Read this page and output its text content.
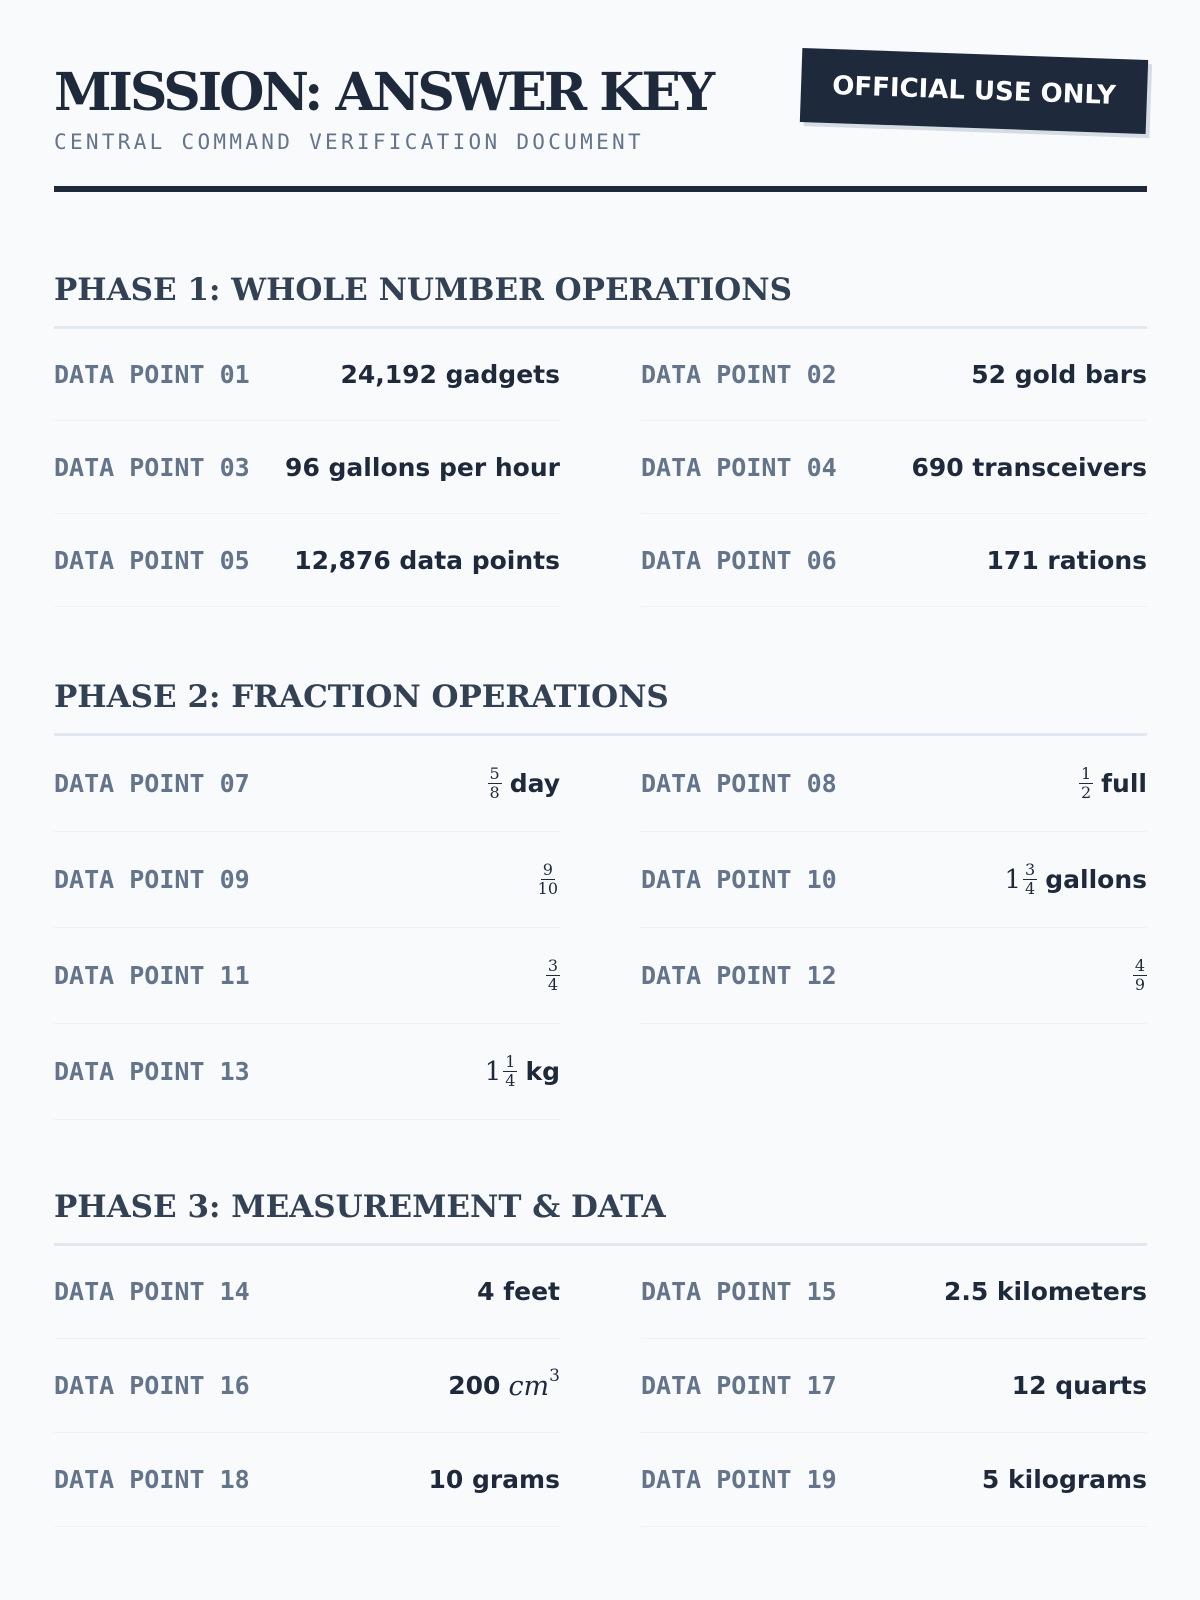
MISSION: ANSWER KEY
CENTRAL COMMAND VERIFICATION DOCUMENT
OFFICIAL USE ONLY
PHASE 1: WHOLE NUMBER OPERATIONS
DATA POINT 01	24,192 gadgets	DATA POINT 02	52 gold bars
DATA POINT 03 96 gallons per hour	DATA POINT 04	690 transceivers
DATA POINT 05 12,876 data points	DATA POINT 06	171 rations
PHASE 2: FRACTION OPERATIONS
DATA POINT 07	$\frac{5}{8}$ day	DATA POINT 08	$\frac{1}{2}$ full
DATA POINT 09	$\frac{9}{10}$	DATA POINT 10	$1 \frac{3}{4}$ gallons
DATA POINT 11	$\frac{3}{4}$	DATA POINT 12	$\frac{4}{9}$
DATA POINT 13	$1 \frac{1}{4}$ kg
PHASE 3: MEASUREMENT & DATA
DATA POINT 14	4 feet	DATA POINT 15	2.5 kilometers
DATA POINT 16	200 $cm^3$	DATA POINT 17	12 quarts
DATA POINT 18	10 grams	DATA POINT 19	5 kilograms
